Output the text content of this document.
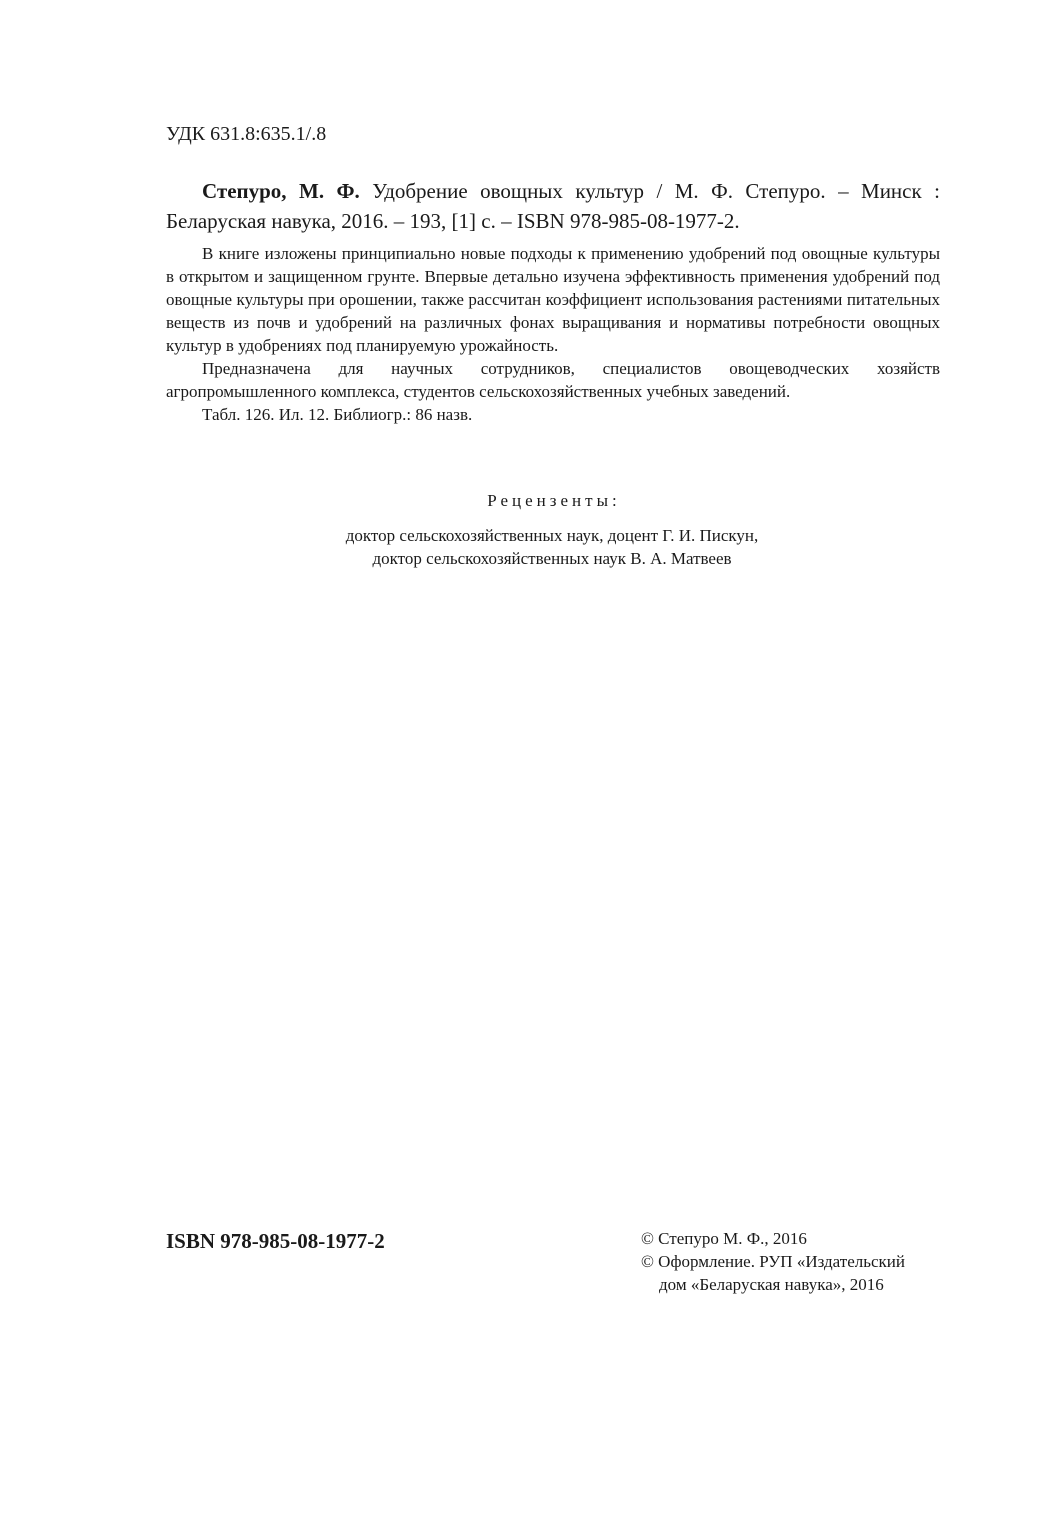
УДК 631.8:635.1/.8

Степуро, М. Ф. Удобрение овощных культур / М. Ф. Степуро. – Минск : Беларуская навука, 2016. – 193, [1] с. – ISBN 978-985-08-1977-2.

В книге изложены принципиально новые подходы к применению удобрений под овощные культуры в открытом и защищенном грунте. Впервые детально изучена эффективность применения удобрений под овощные культуры при орошении, также рассчитан коэффициент использования растениями питательных веществ из почв и удобрений на различных фонах выращивания и нормативы потребности овощных культур в удобрениях под планируемую урожайность.

Предназначена для научных сотрудников, специалистов овощеводческих хозяйств агропромышленного комплекса, студентов сельскохозяйственных учебных заведений.

Табл. 126. Ил. 12. Библиогр.: 86 назв.

Рецензенты:
доктор сельскохозяйственных наук, доцент Г. И. Пискун,
доктор сельскохозяйственных наук В. А. Матвеев
ISBN 978-985-08-1977-2	© Степуро М. Ф., 2016
© Оформление. РУП «Издательский
дом «Беларуская навука», 2016
